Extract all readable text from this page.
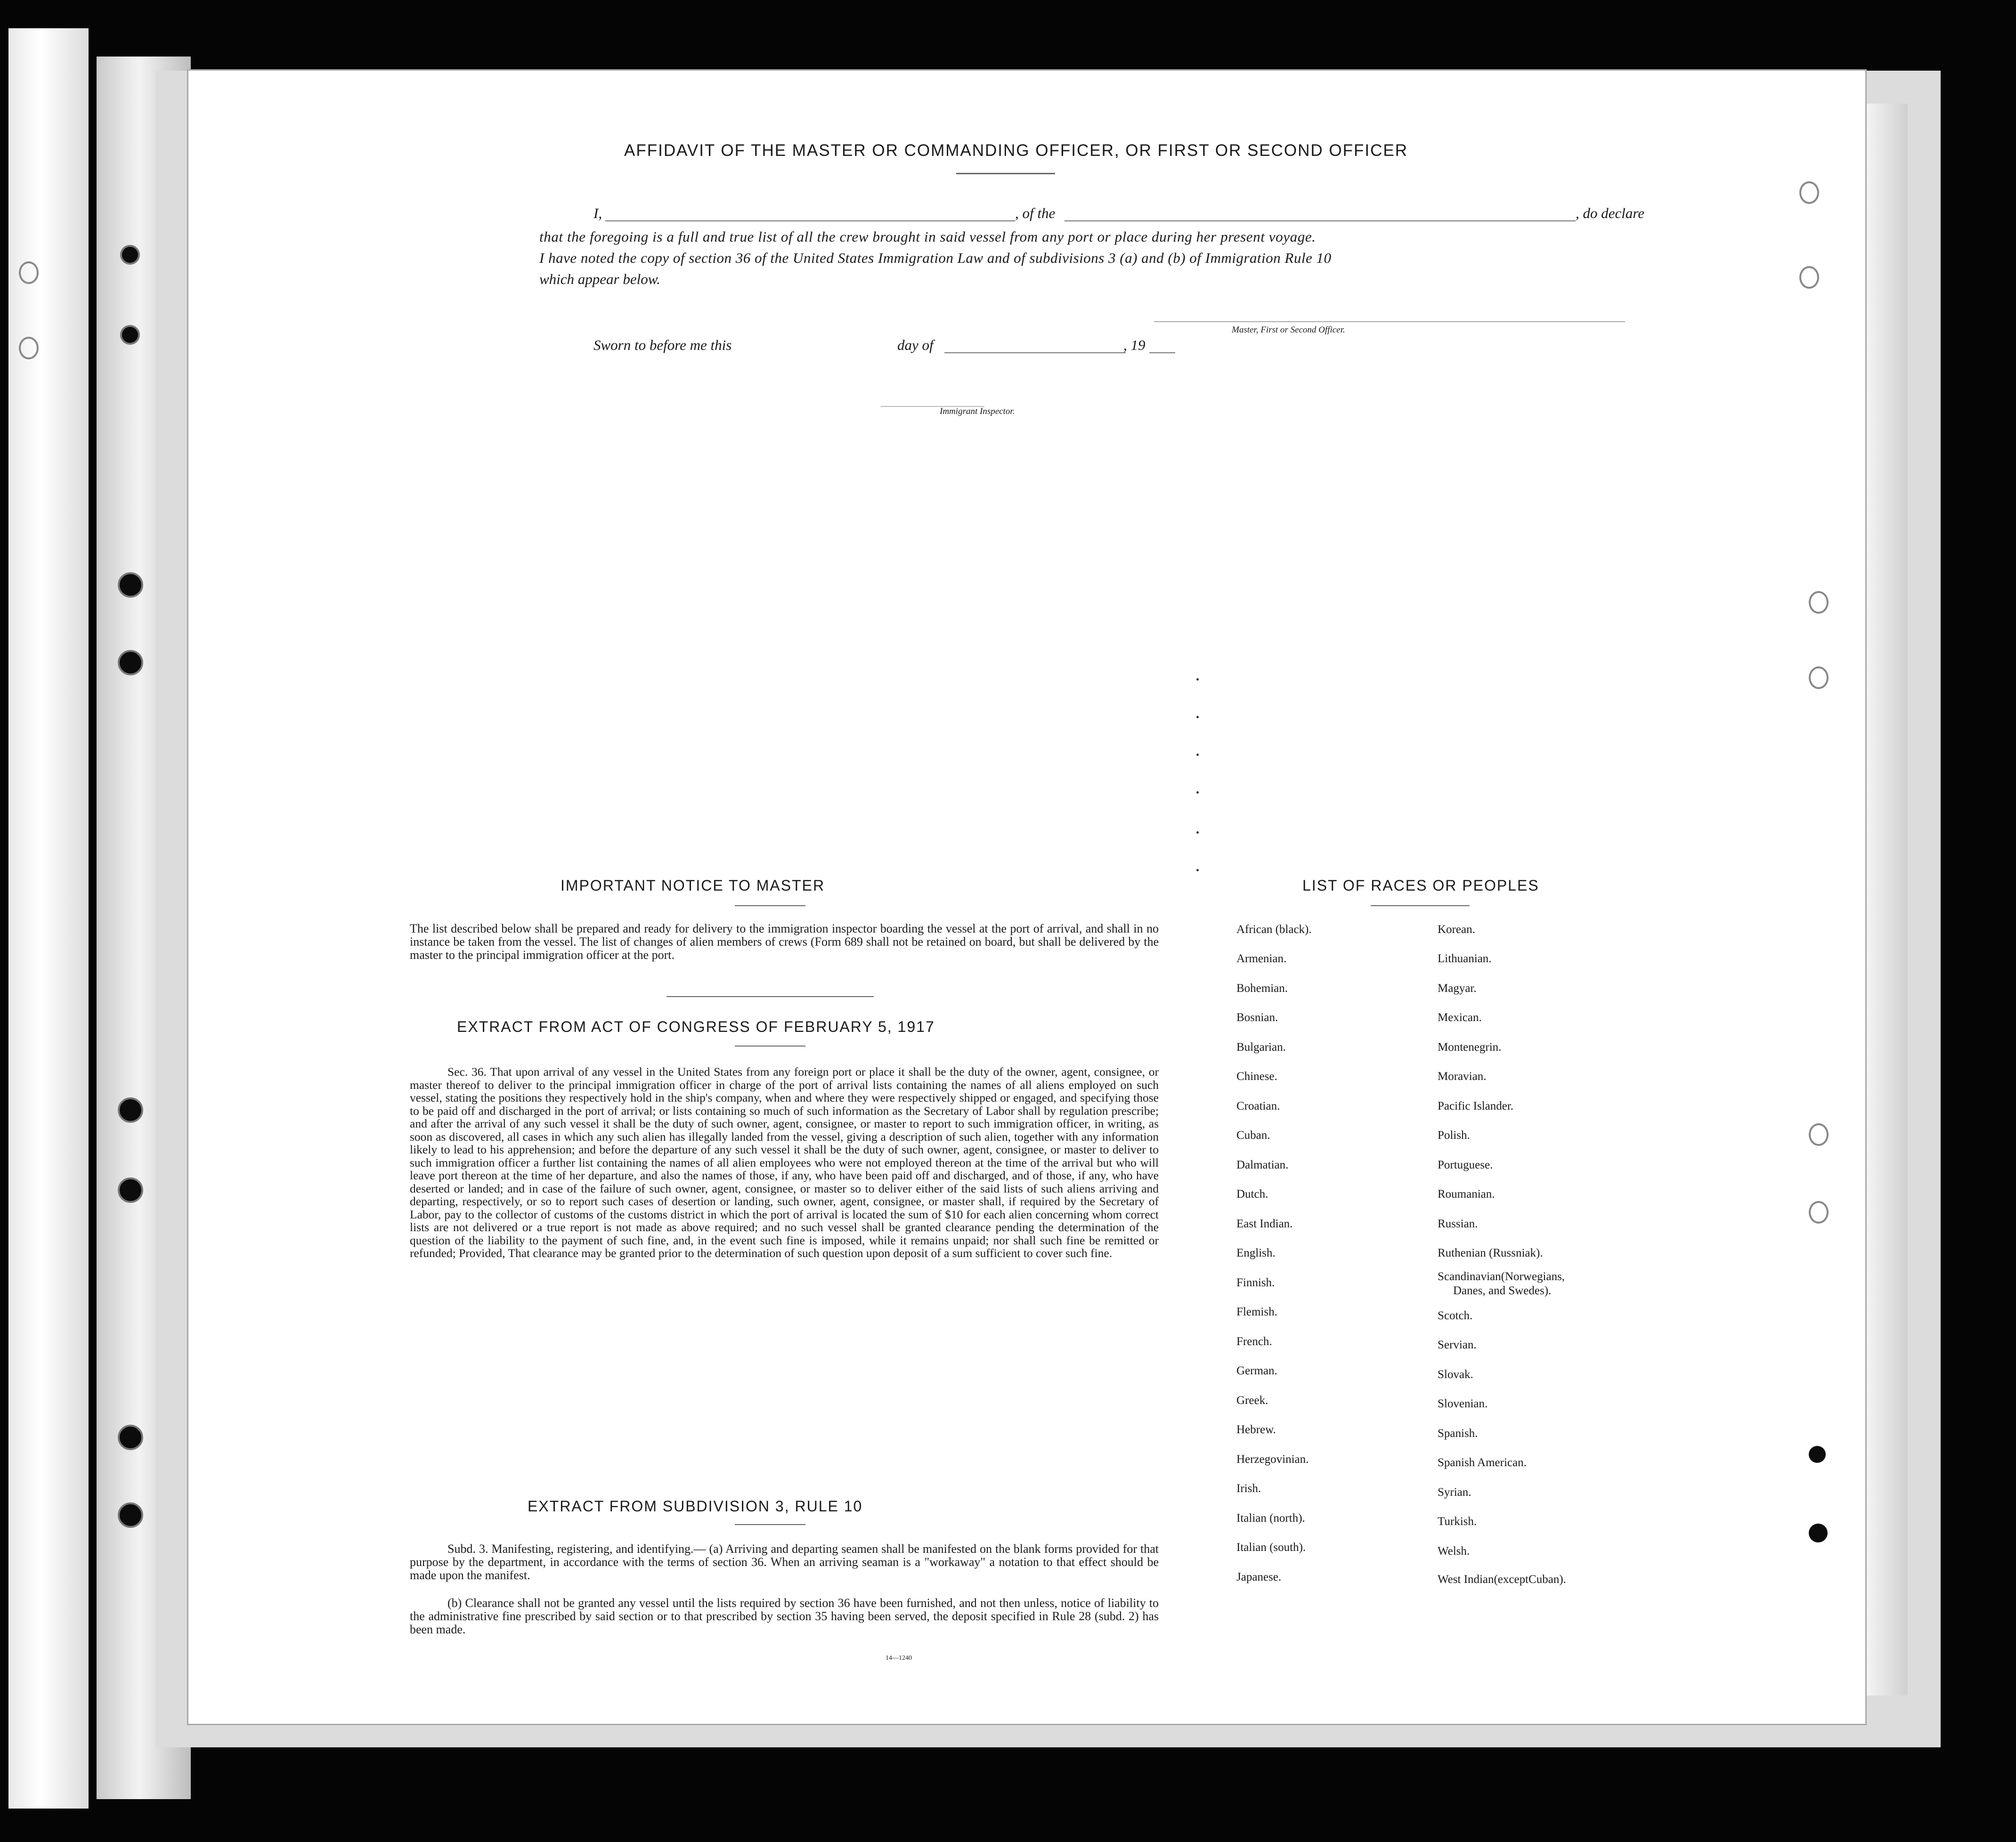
AFFIDAVIT OF THE MASTER OR COMMANDING OFFICER, OR FIRST OR SECOND OFFICER
I,	, of the	, do declare
that the foregoing is a full and true list of all the crew brought in said vessel from any port or place during her present voyage.
I have noted the copy of section 36 of the United States Immigration Law and of subdivisions 3 (a) and (b) of Immigration Rule 10
which appear below.
Master, First or Second Officer.
Sworn to before me this	day of	, 19
Immigrant Inspector.
IMPORTANT NOTICE TO MASTER
The list described below shall be prepared and ready for delivery to the immigration inspector boarding the vessel at the port of arrival, and shall in no instance be taken from the vessel. The list of changes of alien members of crews (Form 689 shall not be retained on board, but shall be delivered by the master to the principal immigration officer at the port.
EXTRACT FROM ACT OF CONGRESS OF FEBRUARY 5, 1917
Sec. 36. That upon arrival of any vessel in the United States from any foreign port or place it shall be the duty of the owner, agent, consignee, or master thereof to deliver to the principal immigration officer in charge of the port of arrival lists containing the names of all aliens employed on such vessel, stating the positions they respectively hold in the ship's company, when and where they were respectively shipped or engaged, and specifying those to be paid off and discharged in the port of arrival; or lists containing so much of such information as the Secretary of Labor shall by regulation prescribe; and after the arrival of any such vessel it shall be the duty of such owner, agent, consignee, or master to report to such immigration officer, in writing, as soon as discovered, all cases in which any such alien has illegally landed from the vessel, giving a description of such alien, together with any information likely to lead to his apprehension; and before the departure of any such vessel it shall be the duty of such owner, agent, consignee, or master to deliver to such immigration officer a further list containing the names of all alien employees who were not employed thereon at the time of the arrival but who will leave port thereon at the time of her departure, and also the names of those, if any, who have been paid off and discharged, and of those, if any, who have deserted or landed; and in case of the failure of such owner, agent, consignee, or master so to deliver either of the said lists of such aliens arriving and departing, respectively, or so to report such cases of desertion or landing, such owner, agent, consignee, or master shall, if required by the Secretary of Labor, pay to the collector of customs of the customs district in which the port of arrival is located the sum of $10 for each alien concerning whom correct lists are not delivered or a true report is not made as above required; and no such vessel shall be granted clearance pending the determination of the question of the liability to the payment of such fine, and, in the event such fine is imposed, while it remains unpaid; nor shall such fine be remitted or refunded; Provided, That clearance may be granted prior to the determination of such question upon deposit of a sum sufficient to cover such fine.
EXTRACT FROM SUBDIVISION 3, RULE 10
Subd. 3. Manifesting, registering, and identifying.— (a) Arriving and departing seamen shall be manifested on the blank forms provided for that purpose by the department, in accordance with the terms of section 36. When an arriving seaman is a "workaway" a notation to that effect should be made upon the manifest.
(b) Clearance shall not be granted any vessel until the lists required by section 36 have been furnished, and not then unless, notice of liability to the administrative fine prescribed by said section or to that prescribed by section 35 having been served, the deposit specified in Rule 28 (subd. 2) has been made.
14—1240
LIST OF RACES OR PEOPLES
African (black).
Armenian.
Bohemian.
Bosnian.
Bulgarian.
Chinese.
Croatian.
Cuban.
Dalmatian.
Dutch.
East Indian.
English.
Finnish.
Flemish.
French.
German.
Greek.
Hebrew.
Herzegovinian.
Irish.
Italian (north).
Italian (south).
Japanese.
Korean.
Lithuanian.
Magyar.
Mexican.
Montenegrin.
Moravian.
Pacific Islander.
Polish.
Portuguese.
Roumanian.
Russian.
Ruthenian (Russniak).
Scandinavian(Norwegians,
Danes, and Swedes).
Scotch.
Servian.
Slovak.
Slovenian.
Spanish.
Spanish American.
Syrian.
Turkish.
Welsh.
West Indian(exceptCuban).
